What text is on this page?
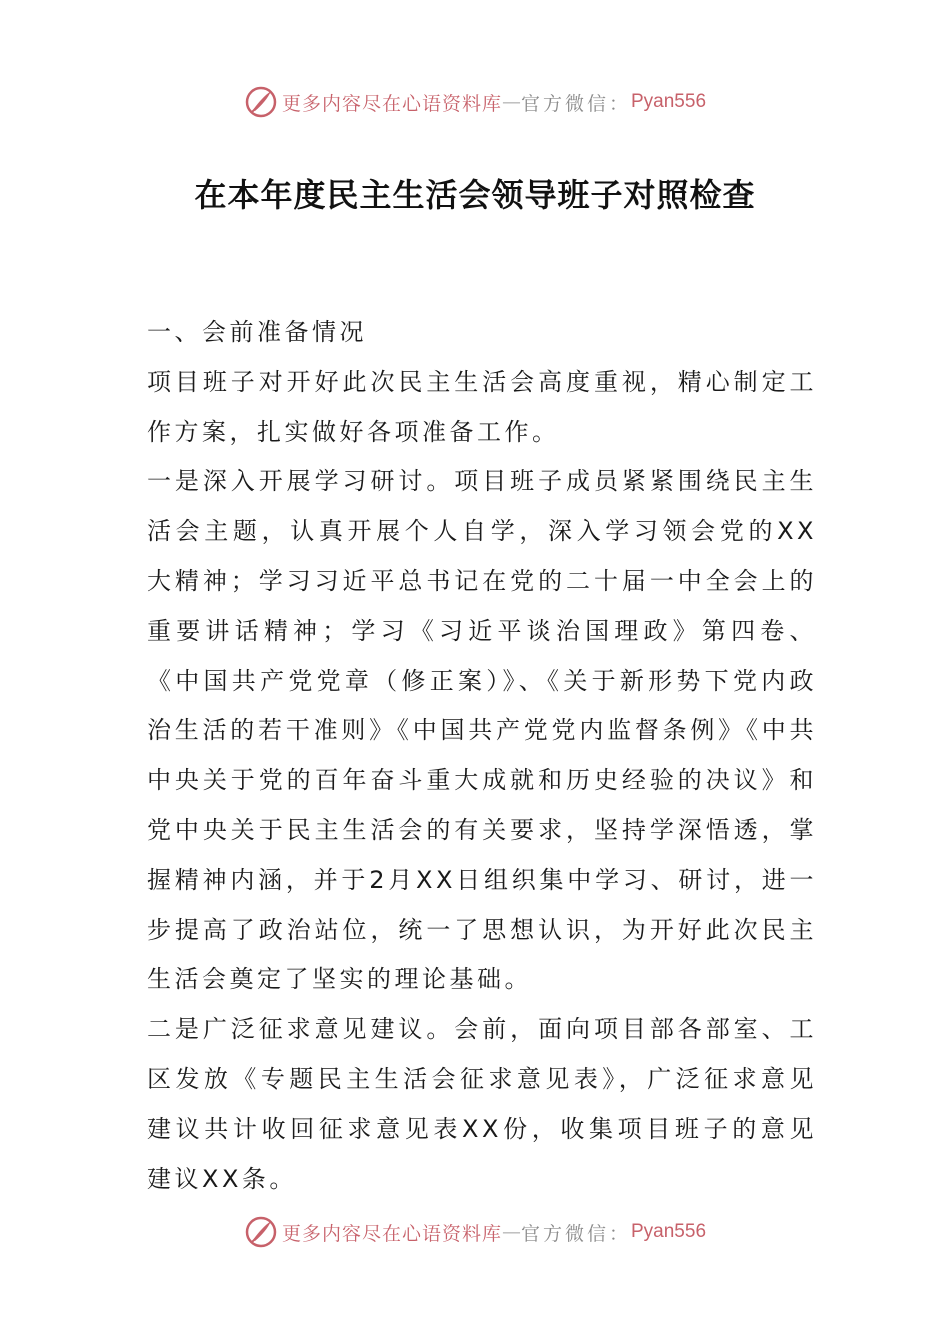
更多内容尽在心语资料库 — 官方微信： Pyan556
在本年度民主生活会领导班子对照检查

一、会前准备情况

项目班子对开好此次民主生活会高度重视，精心制定工作方案，扎实做好各项准备工作。

一是深入开展学习研讨。项目班子成员紧紧围绕民主生活会主题，认真开展个人自学，深入学习领会党的XX大精神；学习习近平总书记在党的二十届一中全会上的重要讲话精神；学习《习近平谈治国理政》第四卷、《中国共产党党章（修正案）》、《关于新形势下党内政治生活的若干准则》《中国共产党党内监督条例》《中共中央关于党的百年奋斗重大成就和历史经验的决议》和党中央关于民主生活会的有关要求，坚持学深悟透，掌握精神内涵，并于2月XX日组织集中学习、研讨，进一步提高了政治站位，统一了思想认识，为开好此次民主生活会奠定了坚实的理论基础。

二是广泛征求意见建议。会前，面向项目部各部室、工区发放《专题民主生活会征求意见表》，广泛征求意见建议共计收回征求意见表XX份，收集项目班子的意见建议XX条。

更多内容尽在心语资料库 — 官方微信： Pyan556
